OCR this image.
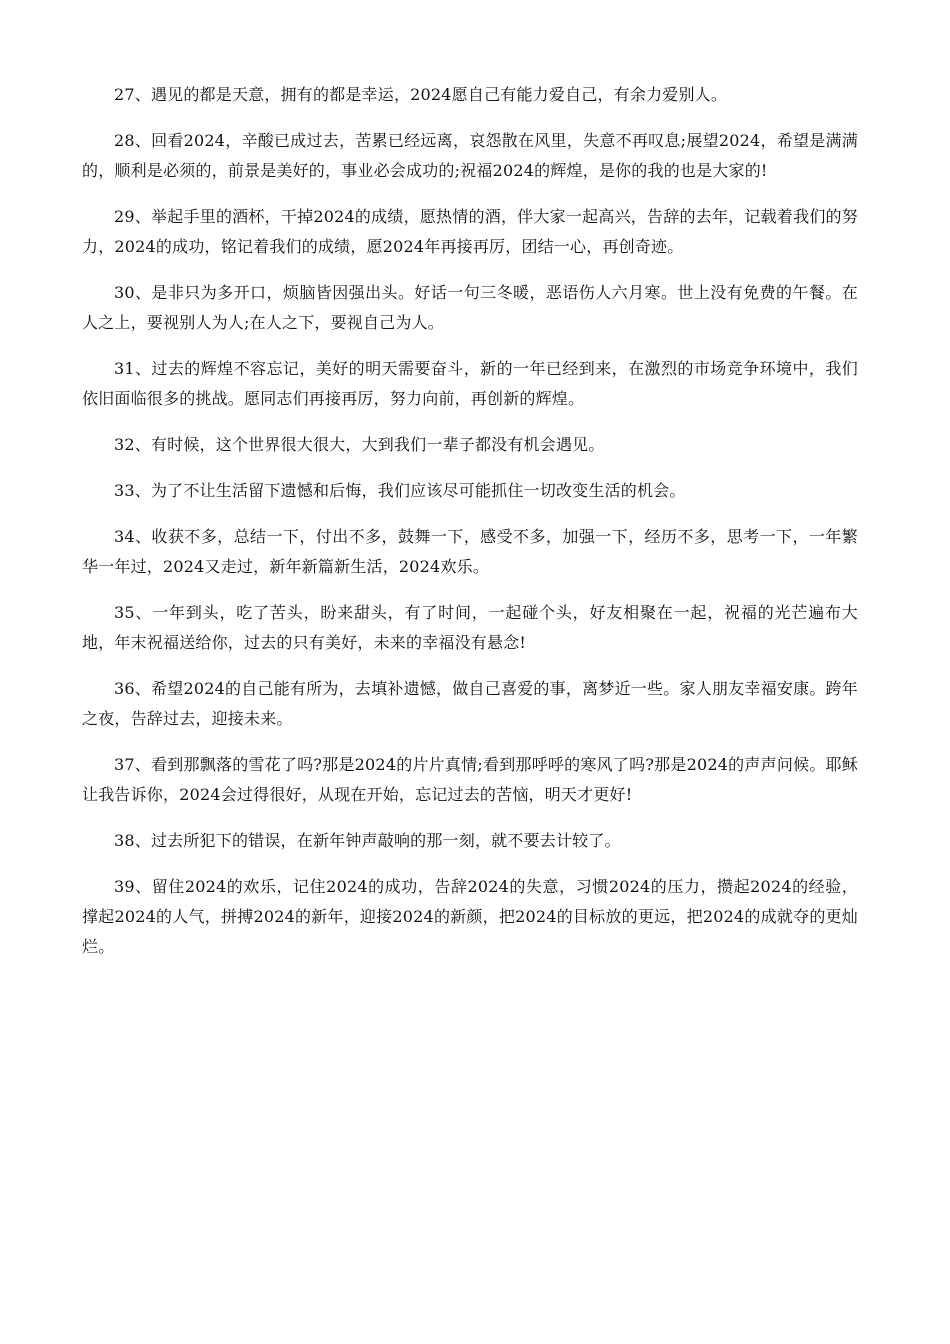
27、遇见的都是天意，拥有的都是幸运，2024愿自己有能力爱自己，有余力爱别人。

28、回看2024，辛酸已成过去，苦累已经远离，哀怨散在风里，失意不再叹息;展望2024，希望是满满的，顺利是必须的，前景是美好的，事业必会成功的;祝福2024的辉煌，是你的我的也是大家的!

29、举起手里的酒杯，干掉2024的成绩，愿热情的酒，伴大家一起高兴，告辞的去年，记载着我们的努力，2024的成功，铭记着我们的成绩，愿2024年再接再厉，团结一心，再创奇迹。

30、是非只为多开口，烦脑皆因强出头。好话一句三冬暖，恶语伤人六月寒。世上没有免费的午餐。在人之上，要视别人为人;在人之下，要视自己为人。

31、过去的辉煌不容忘记，美好的明天需要奋斗，新的一年已经到来，在激烈的市场竞争环境中，我们依旧面临很多的挑战。愿同志们再接再厉，努力向前，再创新的辉煌。

32、有时候，这个世界很大很大，大到我们一辈子都没有机会遇见。

33、为了不让生活留下遗憾和后悔，我们应该尽可能抓住一切改变生活的机会。

34、收获不多，总结一下，付出不多，鼓舞一下，感受不多，加强一下，经历不多，思考一下，一年繁华一年过，2024又走过，新年新篇新生活，2024欢乐。

35、一年到头，吃了苦头，盼来甜头，有了时间，一起碰个头，好友相聚在一起，祝福的光芒遍布大地，年末祝福送给你，过去的只有美好，未来的幸福没有悬念!

36、希望2024的自己能有所为，去填补遗憾，做自己喜爱的事，离梦近一些。家人朋友幸福安康。跨年之夜，告辞过去，迎接未来。

37、看到那飘落的雪花了吗?那是2024的片片真情;看到那呼呼的寒风了吗?那是2024的声声问候。耶稣让我告诉你，2024会过得很好，从现在开始，忘记过去的苦恼，明天才更好!

38、过去所犯下的错误，在新年钟声敲响的那一刻，就不要去计较了。

39、留住2024的欢乐，记住2024的成功，告辞2024的失意，习惯2024的压力，攒起2024的经验，撑起2024的人气，拼搏2024的新年，迎接2024的新颜，把2024的目标放的更远，把2024的成就夺的更灿烂。
